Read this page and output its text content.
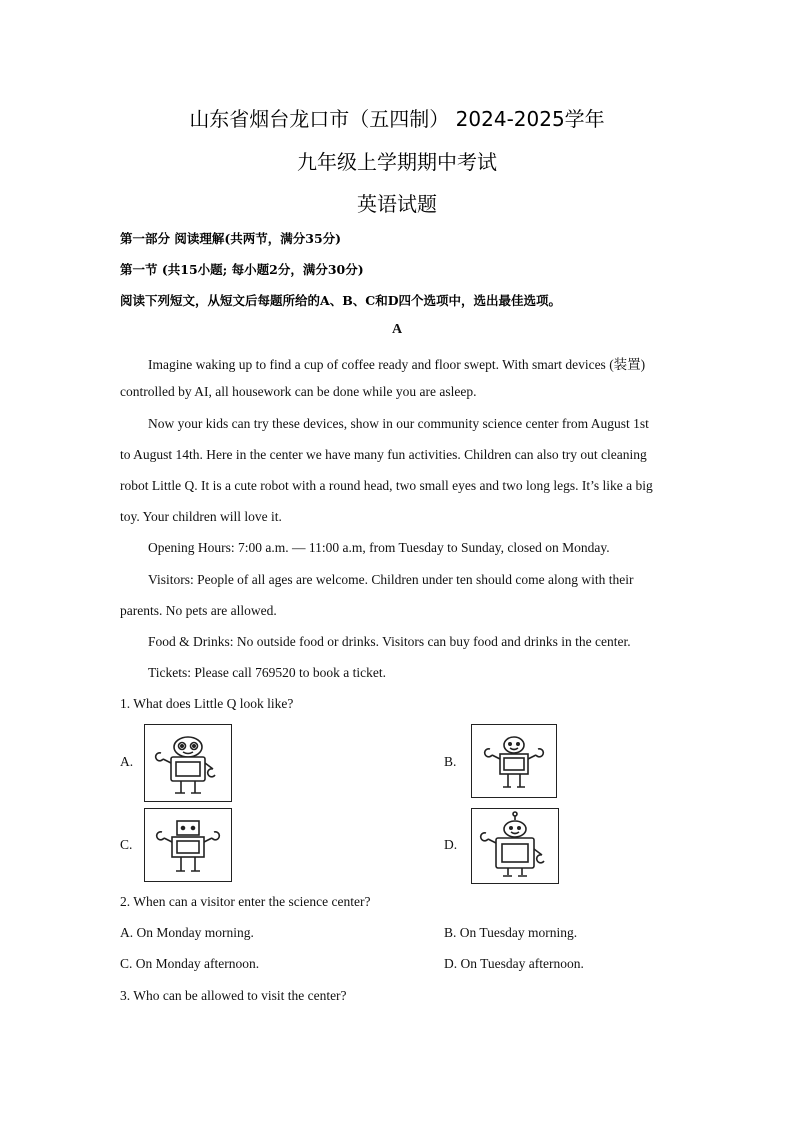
山东省烟台龙口市（五四制） 2024-2025学年
九年级上学期期中考试
英语试题
第一部分 阅读理解(共两节，满分35分)
第一节 (共15小题; 每小题2分，满分30分)
阅读下列短文，从短文后每题所给的A、B、C和D四个选项中，选出最佳选项。
A
Imagine waking up to find a cup of coffee ready and floor swept. With smart devices (装置)
controlled by AI, all housework can be done while you are asleep.
Now your kids can try these devices, show in our community science center from August 1st
to August 14th. Here in the center we have many fun activities. Children can also try out cleaning
robot Little Q. It is a cute robot with a round head, two small eyes and two long legs. It’s like a big
toy. Your children will love it.
Opening Hours: 7:00 a.m. — 11:00 a.m, from Tuesday to Sunday, closed on Monday.
Visitors: People of all ages are welcome. Children under ten should come along with their
parents. No pets are allowed.
Food & Drinks: No outside food or drinks. Visitors can buy food and drinks in the center.
Tickets: Please call 769520 to book a ticket.
1. What does Little Q look like?
A.	B.
C.	D.
2. When can a visitor enter the science center?
A. On Monday morning.	B. On Tuesday morning.
C. On Monday afternoon.	D. On Tuesday afternoon.
3. Who can be allowed to visit the center?
